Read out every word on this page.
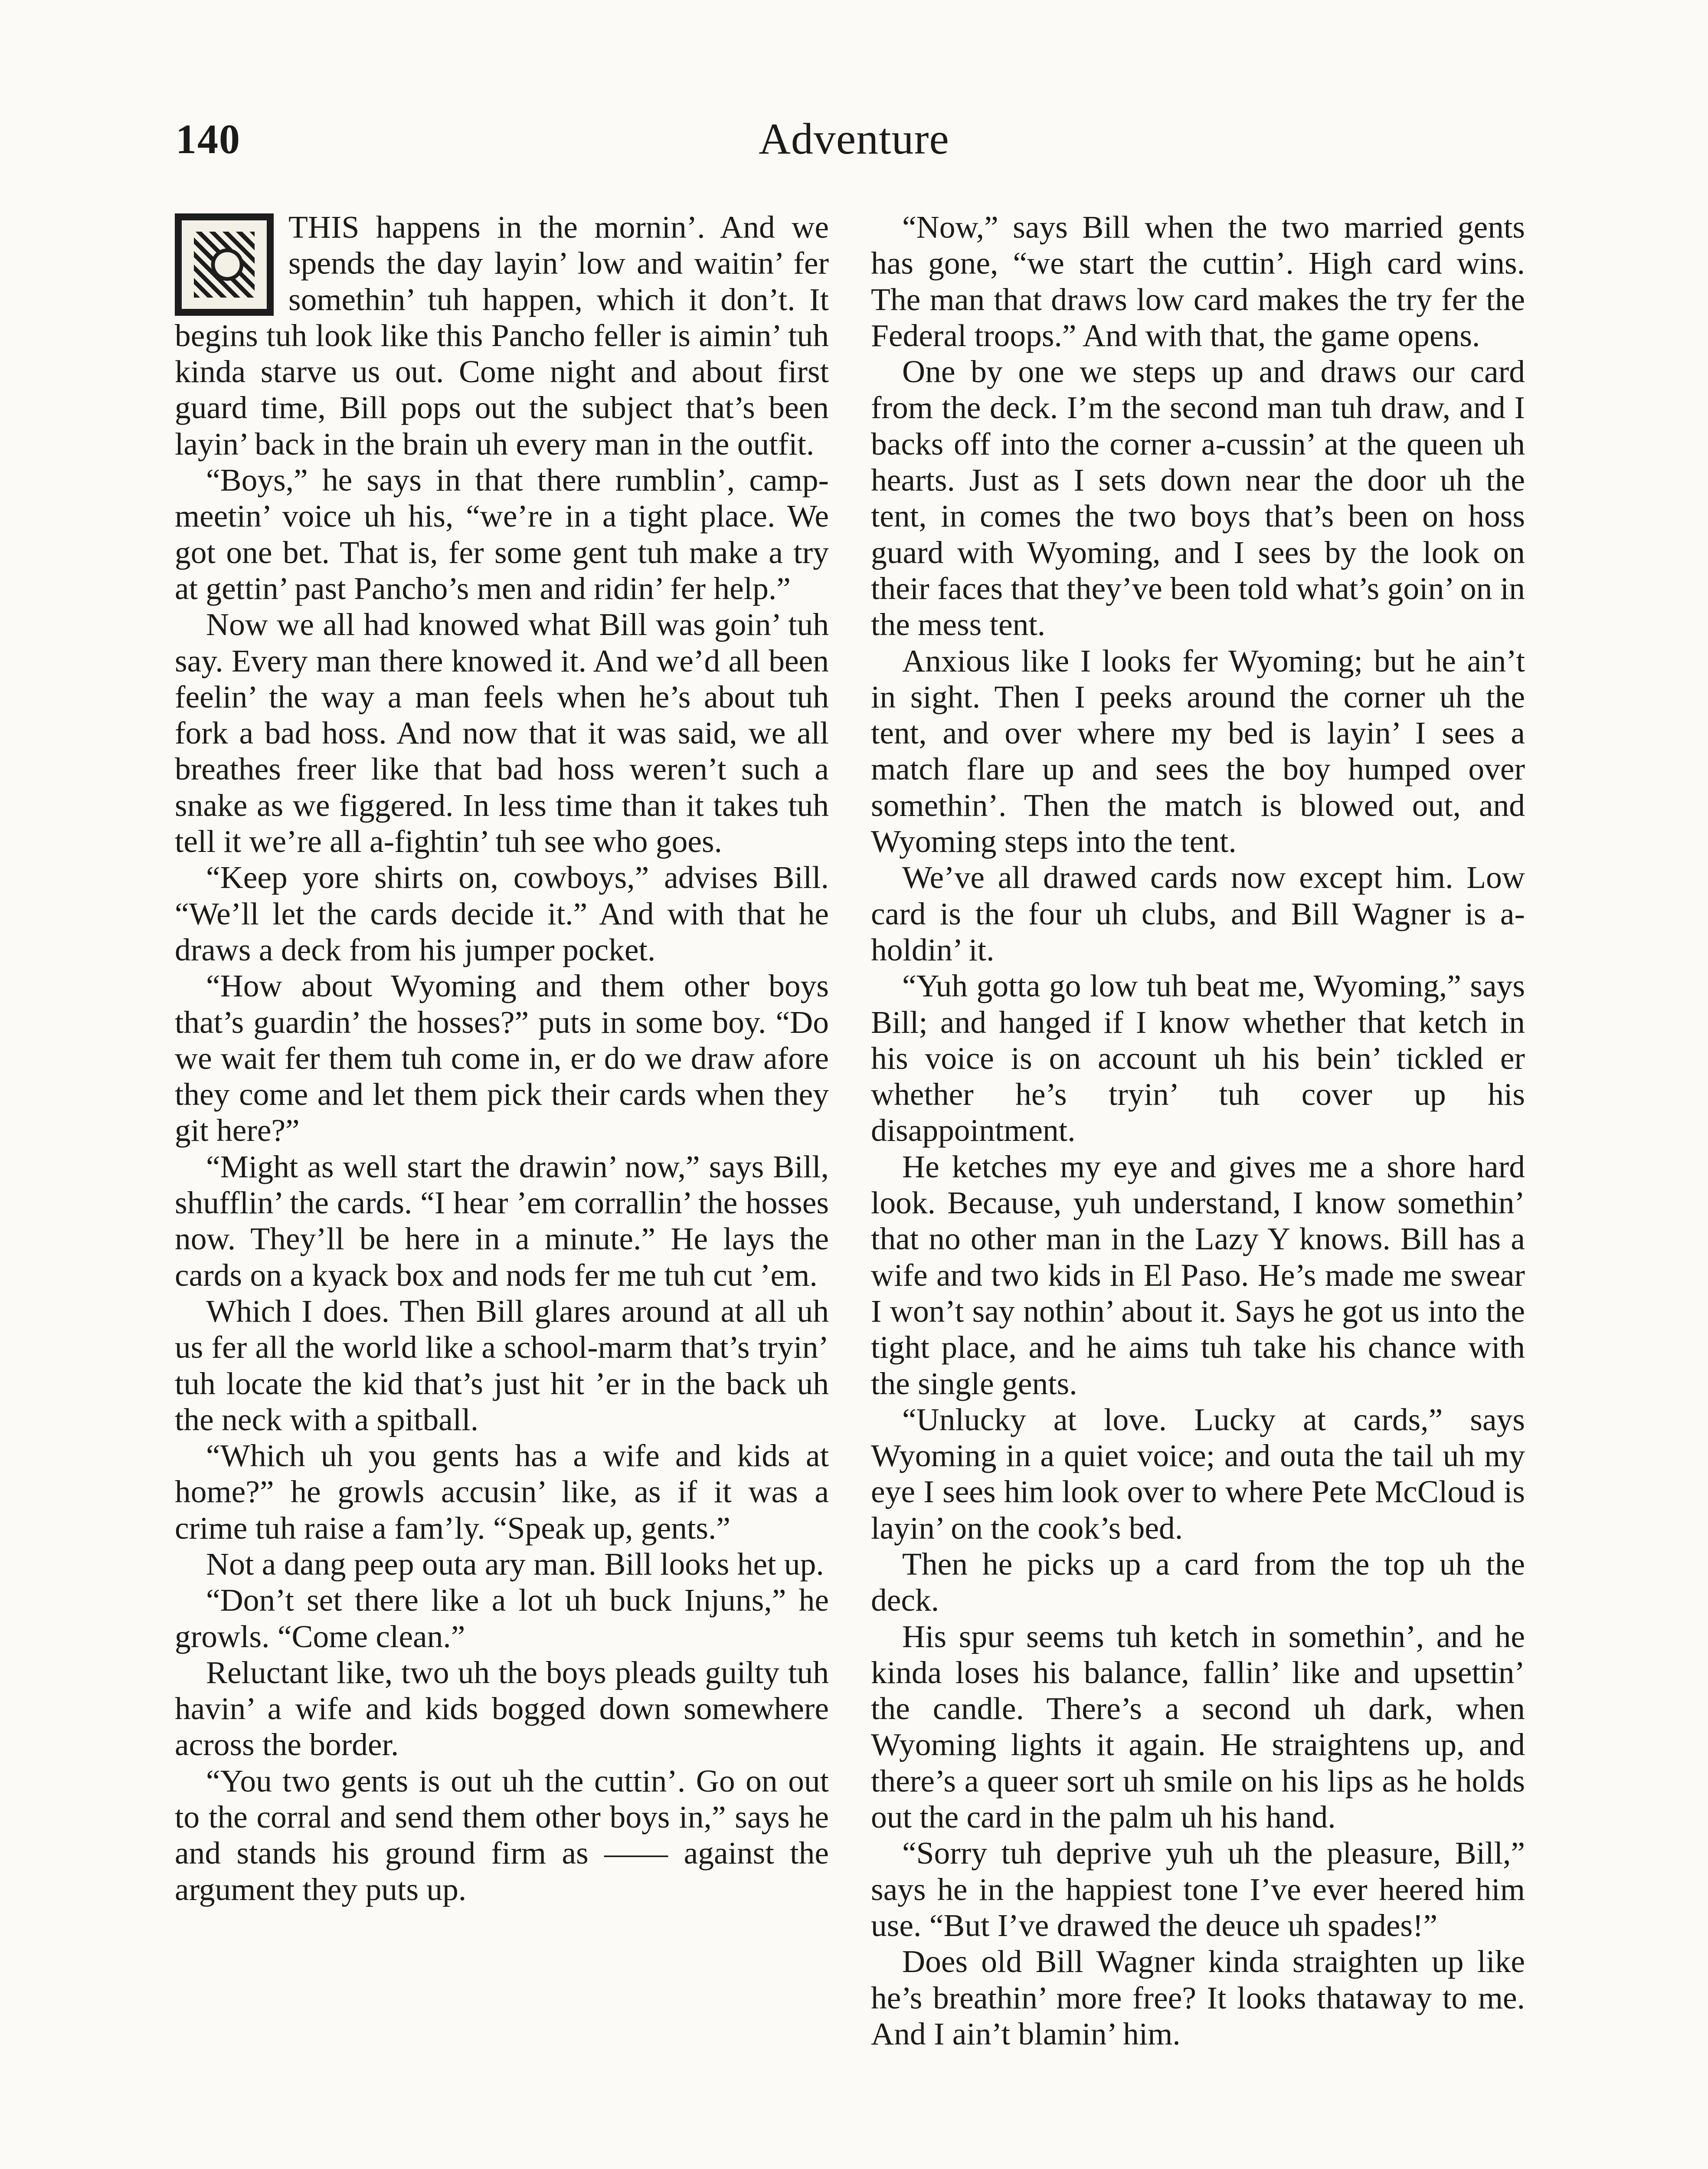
140	Adventure

THIS happens in the mornin’. And we spends the day layin’ low and waitin’ fer somethin’ tuh happen, which it don’t. It begins tuh look like this Pancho feller is aimin’ tuh kinda starve us out. Come night and about first guard time, Bill pops out the subject that’s been layin’ back in the brain uh every man in the outfit.

“Boys,” he says in that there rumblin’, camp-meetin’ voice uh his, “we’re in a tight place. We got one bet. That is, fer some gent tuh make a try at gettin’ past Pancho’s men and ridin’ fer help.”

Now we all had knowed what Bill was goin’ tuh say. Every man there knowed it. And we’d all been feelin’ the way a man feels when he’s about tuh fork a bad hoss. And now that it was said, we all breathes freer like that bad hoss weren’t such a snake as we figgered. In less time than it takes tuh tell it we’re all a-fightin’ tuh see who goes.

“Keep yore shirts on, cowboys,” advises Bill. “We’ll let the cards decide it.” And with that he draws a deck from his jumper pocket.

“How about Wyoming and them other boys that’s guardin’ the hosses?” puts in some boy. “Do we wait fer them tuh come in, er do we draw afore they come and let them pick their cards when they git here?”

“Might as well start the drawin’ now,” says Bill, shufflin’ the cards. “I hear ’em corrallin’ the hosses now. They’ll be here in a minute.” He lays the cards on a kyack box and nods fer me tuh cut ’em.

Which I does. Then Bill glares around at all uh us fer all the world like a school-marm that’s tryin’ tuh locate the kid that’s just hit ’er in the back uh the neck with a spitball.

“Which uh you gents has a wife and kids at home?” he growls accusin’ like, as if it was a crime tuh raise a fam’ly. “Speak up, gents.”

Not a dang peep outa ary man. Bill looks het up.

“Don’t set there like a lot uh buck Injuns,” he growls. “Come clean.”

Reluctant like, two uh the boys pleads guilty tuh havin’ a wife and kids bogged down somewhere across the border.

“You two gents is out uh the cuttin’. Go on out to the corral and send them other boys in,” says he and stands his ground firm as —— against the argument they puts up.

“Now,” says Bill when the two married gents has gone, “we start the cuttin’. High card wins. The man that draws low card makes the try fer the Federal troops.” And with that, the game opens.

One by one we steps up and draws our card from the deck. I’m the second man tuh draw, and I backs off into the corner a-cussin’ at the queen uh hearts. Just as I sets down near the door uh the tent, in comes the two boys that’s been on hoss guard with Wyoming, and I sees by the look on their faces that they’ve been told what’s goin’ on in the mess tent.

Anxious like I looks fer Wyoming; but he ain’t in sight. Then I peeks around the corner uh the tent, and over where my bed is layin’ I sees a match flare up and sees the boy humped over somethin’. Then the match is blowed out, and Wyoming steps into the tent.

We’ve all drawed cards now except him. Low card is the four uh clubs, and Bill Wagner is a-holdin’ it.

“Yuh gotta go low tuh beat me, Wyoming,” says Bill; and hanged if I know whether that ketch in his voice is on account uh his bein’ tickled er whether he’s tryin’ tuh cover up his disappointment.

He ketches my eye and gives me a shore hard look. Because, yuh understand, I know somethin’ that no other man in the Lazy Y knows. Bill has a wife and two kids in El Paso. He’s made me swear I won’t say nothin’ about it. Says he got us into the tight place, and he aims tuh take his chance with the single gents.

“Unlucky at love. Lucky at cards,” says Wyoming in a quiet voice; and outa the tail uh my eye I sees him look over to where Pete McCloud is layin’ on the cook’s bed.

Then he picks up a card from the top uh the deck.

His spur seems tuh ketch in somethin’, and he kinda loses his balance, fallin’ like and upsettin’ the candle. There’s a second uh dark, when Wyoming lights it again. He straightens up, and there’s a queer sort uh smile on his lips as he holds out the card in the palm uh his hand.

“Sorry tuh deprive yuh uh the pleasure, Bill,” says he in the happiest tone I’ve ever heered him use. “But I’ve drawed the deuce uh spades!”

Does old Bill Wagner kinda straighten up like he’s breathin’ more free? It looks thataway to me. And I ain’t blamin’ him.
